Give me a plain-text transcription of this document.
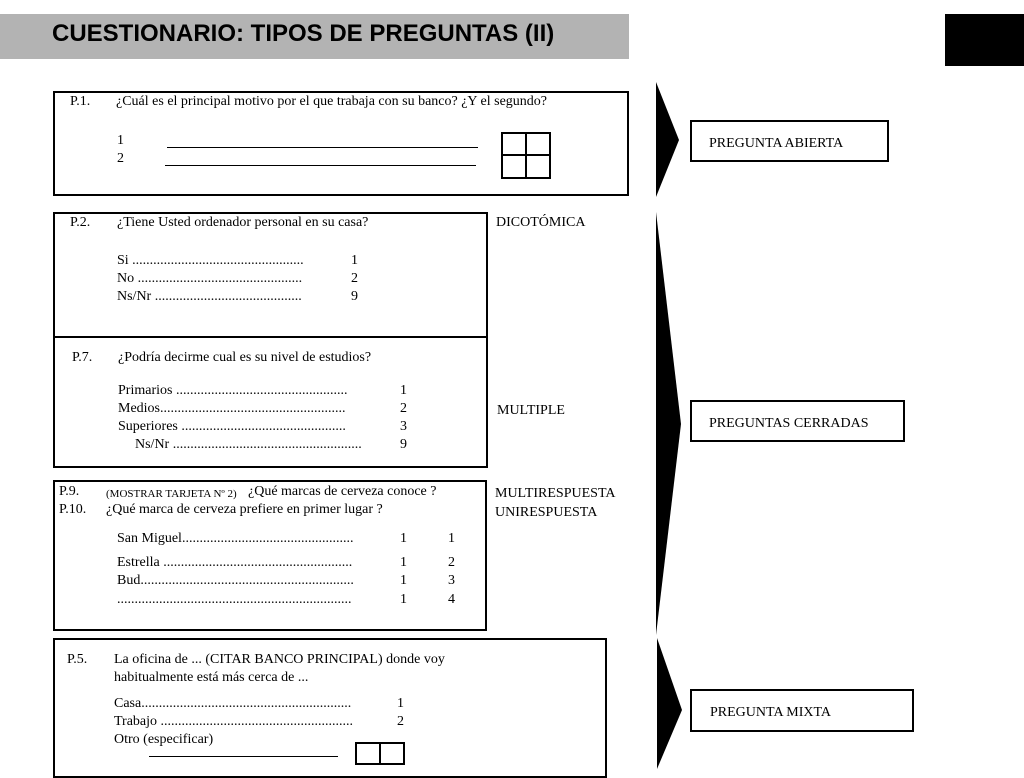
CUESTIONARIO: TIPOS DE PREGUNTAS (II)
P.1. ¿Cuál es el principal motivo por el que trabaja con su banco? ¿Y el segundo?
1
2
P.2. ¿Tiene Usted ordenador personal en su casa?
Si .................................................	1
No ...............................................	2
Ns/Nr ..........................................	9
P.7. ¿Podría decirme cual es su nivel de estudios?
Primarios .................................................	1
Medios.....................................................	2
Superiores ...............................................	3
Ns/Nr ......................................................	9
P.9. (MOSTRAR TARJETA Nº 2) ¿Qué marcas de cerveza conoce ?
P.10. ¿Qué marca de cerveza prefiere en primer lugar ?
San Miguel.................................................	1	1
Estrella ......................................................	1	2
Bud.............................................................	1	3
...................................................................	1	4
P.5. La oficina de ... (CITAR BANCO PRINCIPAL) donde voy
habitualmente está más cerca de ...
Casa............................................................	1
Trabajo .......................................................	2
Otro (especificar)
DICOTÓMICA
MULTIPLE
MULTIRESPUESTA
UNIRESPUESTA
PREGUNTA ABIERTA
PREGUNTAS CERRADAS
PREGUNTA MIXTA
